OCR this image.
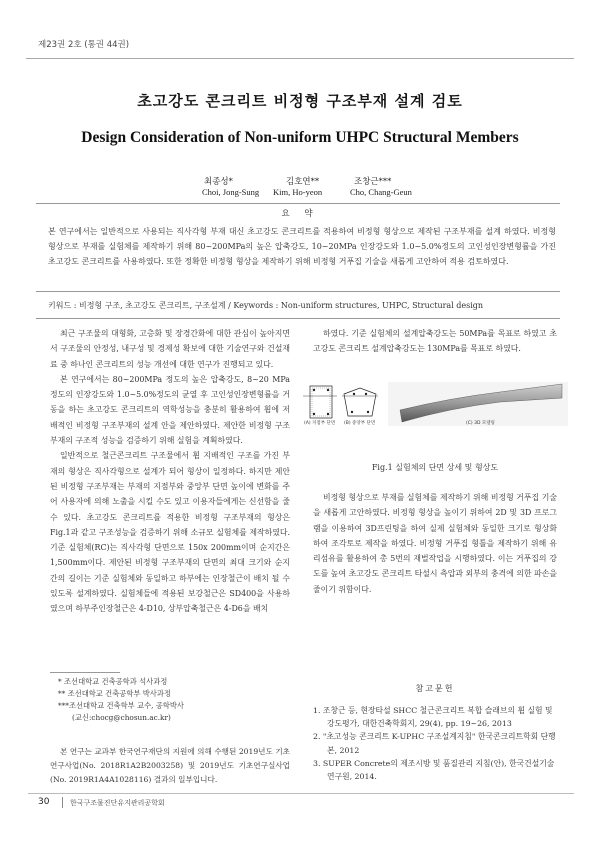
제23권 2호 (통권 44권)
초고강도 콘크리트 비정형 구조부재 설계 검토
Design Consideration of Non-uniform UHPC Structural Members
최종성*	김호연**	조창근***
Choi, Jong-Sung Kim, Ho-yeon	Cho, Chang-Geun
요 약
본 연구에서는 일반적으로 사용되는 직사각형 부재 대신 초고강도 콘크리트를 적용하여 비정형 형상으로 제작된 구조부재를 설계 하였다. 비정형 형상으로 부재를 실험체를 제작하기 위해 80~200MPa의 높은 압축강도, 10~20MPa 인장강도와 1.0~5.0%정도의 고인성인장변형률을 가진 초고강도 콘크리트를 사용하였다. 또한 정확한 비정형 형상을 제작하기 위해 비정형 거푸집 기술을 새롭게 고안하여 적용 검토하였다.
키워드 : 비정형 구조, 초고강도 콘크리트, 구조설계 / Keywords : Non-uniform structures, UHPC, Structural design

최근 구조물의 대형화, 고층화 및 장경간화에 대한 관심이 높아지면서 구조물의 안정성, 내구성 및 경제성 확보에 대한 기술연구와 건설재료 중 하나인 콘크리트의 성능 개선에 대한 연구가 진행되고 있다.

본 연구에서는 80~200MPa 정도의 높은 압축강도, 8~20 MPa 정도의 인장강도와 1.0~5.0%정도의 균열 후 고인성인장변형률을 거동을 하는 초고강도 콘크리트의 역학성능을 충분히 활용하여 휨에 저배적인 비정형 구조부재의 설계 안을 제안하였다. 제안한 비정형 구조부재의 구조적 성능을 검증하기 위해 실험을 계획하였다.

일반적으로 철근콘크리트 구조물에서 휨 지배적인 구조를 가진 부재의 형상은 직사각형으로 설계가 되어 형상이 일정하다. 하지만 제안된 비정형 구조부재는 부재의 지점부와 중앙부 단면 높이에 변화를 주어 사용자에 의해 노출을 시킬 수도 있고 이용자들에게는 신선함을 줄 수 있다. 초고강도 콘크리트를 적용한 비정형 구조부재의 형상은 Fig.1과 같고 구조성능을 검증하기 위해 소규모 실험체를 제작하였다. 기준 실험체(RC)는 직사각형 단면으로 150x 200mm이며 순지간은 1,500mm이다. 제안된 비정형 구조부재의 단면의 최대 크기와 순지간의 길이는 기준 실험체와 동일하고 하부에는 인장철근이 배치 될 수 있도록 설계하였다. 실험체들에 적용된 보강철근은 SD400을 사용하였으며 하부주인장철근은 4-D10, 상부압축철근은 4-D6을 배치

* 조선대학교 건축공학과 석사과정
** 조선대학교 건축공학부 박사과정
***조선대학교 건축학부 교수, 공학박사
(교신:chocg@chosun.ac.kr)
본 연구는 교과부 한국연구재단의 지원에 의해 수행된 2019년도 기초연구사업(No. 2018R1A2B2003258) 및 2019년도 기초연구실사업 (No. 2019R1A4A1028116) 결과의 일부입니다.

하였다. 기준 실험체의 설계압축강도는 50MPa를 목표로 하였고 초고강도 콘크리트 설계압축강도는 130MPa를 목표로 하였다.

(A) 지점부 단면 (B) 중앙부 단면	(C) 3D 모델링
Fig.1 실험체의 단면 상세 및 형상도

비정형 형상으로 부재를 실험체를 제작하기 위해 비정형 거푸집 기술을 새롭게 고안하였다. 비정형 형상을 높이기 위하여 2D 및 3D 프로그램을 이용하여 3D프린팅을 하여 실제 실험체와 동일한 크기로 형상화 하여 조각토로 제작을 하였다. 비정형 거푸집 형틀을 제작하기 위해 유리섬유를 활용하여 총 5번의 재벌작업을 시행하였다. 이는 거푸집의 강도를 높여 초고강도 콘크리트 타설시 측압과 외부의 충격에 의한 파손을 줄이기 위함이다.

참고문헌
1. 조창근 등, 현장타설 SHCC 철근콘크리트 복합 슬래브의 휨 실험 및 강도평가, 대한건축학회지, 29(4), pp. 19~26, 2013
2. "초고성능 콘크리트 K-UPHC 구조설계지침" 한국콘크리트학회 단행본, 2012
3. SUPER Concrete의 제조시방 및 품질관리 지침(안), 한국건설기술연구원, 2014.
30	한국구조물진단유지관리공학회
